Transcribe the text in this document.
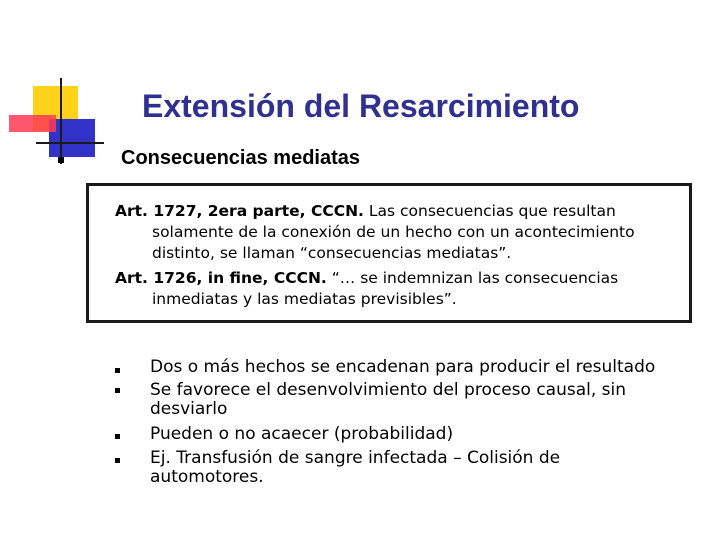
Extensión del Resarcimiento
Consecuencias mediatas
Art. 1727, 2era parte, CCCN. Las consecuencias que resultan
solamente de la conexión de un hecho con un acontecimiento
distinto, se llaman “consecuencias mediatas”.
Art. 1726, in fine, CCCN. “… se indemnizan las consecuencias
inmediatas y las mediatas previsibles”.
Dos o más hechos se encadenan para producir el resultado
Se favorece el desenvolvimiento del proceso causal, sin
desviarlo
Pueden o no acaecer (probabilidad)
Ej. Transfusión de sangre infectada – Colisión de
automotores.
